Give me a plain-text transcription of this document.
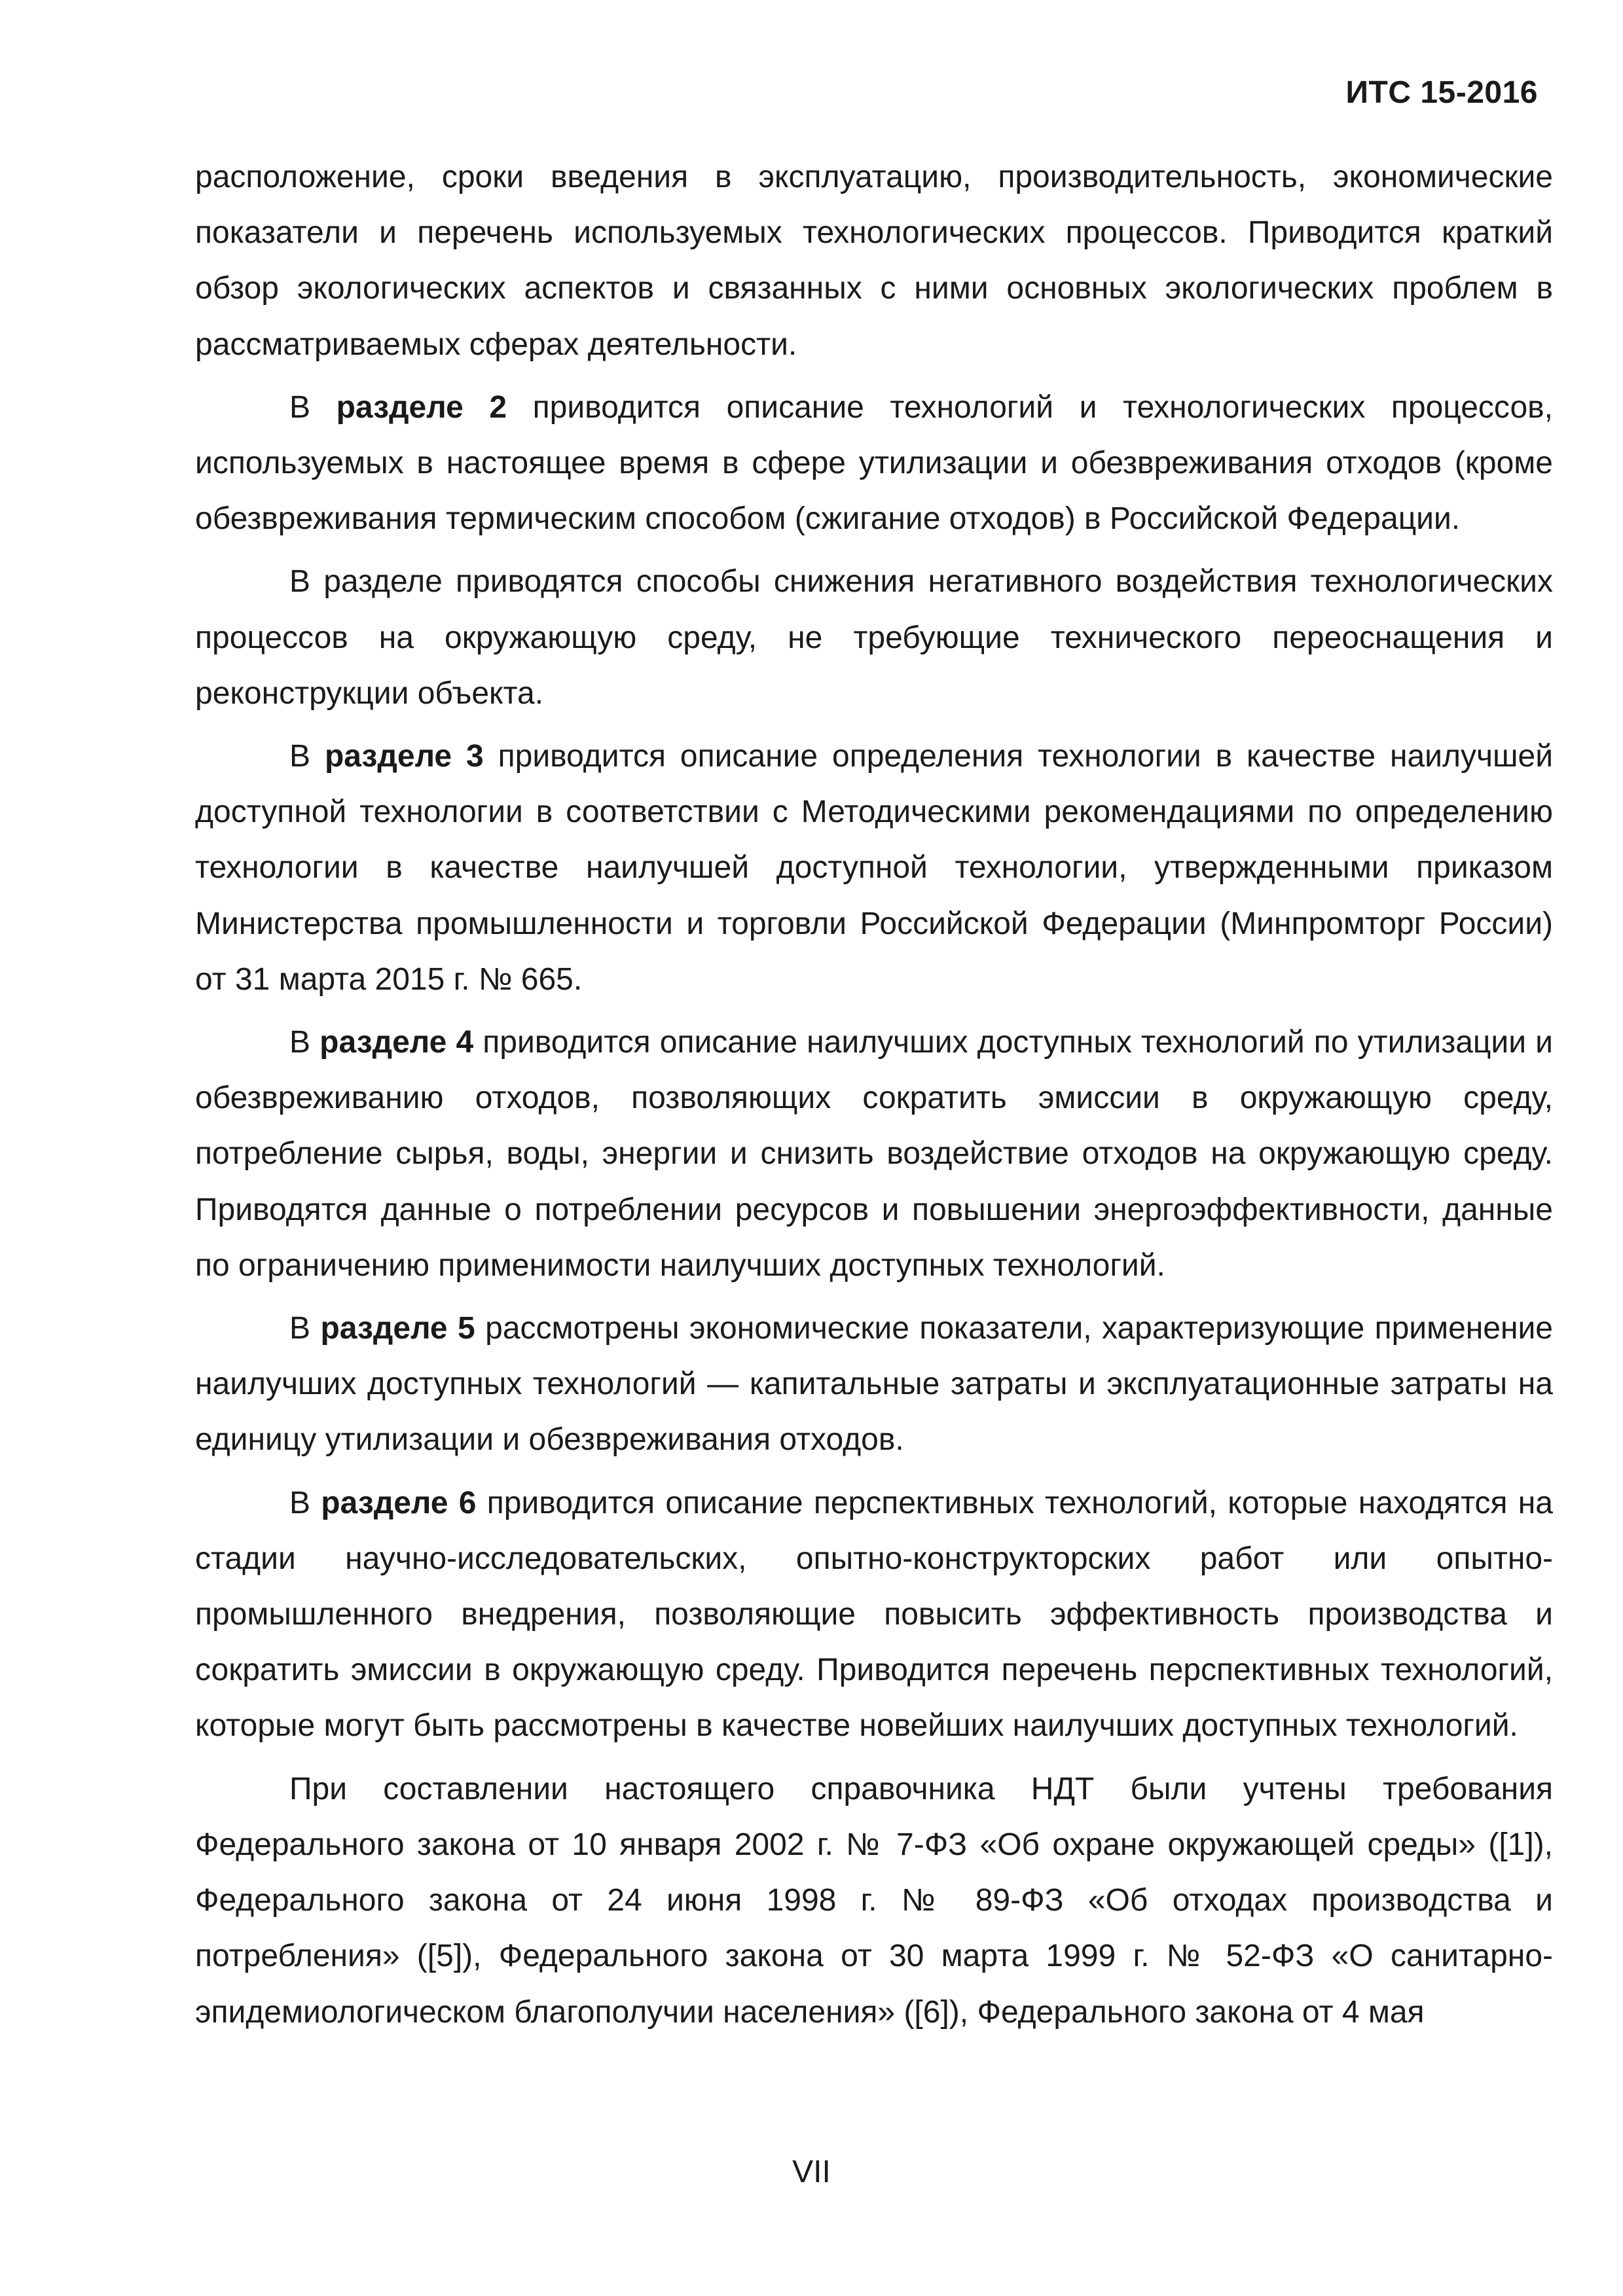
ИТС 15-2016

расположение, сроки введения в эксплуатацию, производительность, экономические показатели и перечень используемых технологических процессов. Приводится краткий обзор экологических аспектов и связанных с ними основных экологических проблем в рассматриваемых сферах деятельности.

В разделе 2 приводится описание технологий и технологических процессов, используемых в настоящее время в сфере утилизации и обезвреживания отходов (кроме обезвреживания термическим способом (сжигание отходов) в Российской Федерации.

В разделе приводятся способы снижения негативного воздействия технологических процессов на окружающую среду, не требующие технического переоснащения и реконструкции объекта.

В разделе 3 приводится описание определения технологии в качестве наилучшей доступной технологии в соответствии с Методическими рекомендациями по определению технологии в качестве наилучшей доступной технологии, утвержденными приказом Министерства промышленности и торговли Российской Федерации (Минпромторг России) от 31 марта 2015 г. № 665.

В разделе 4 приводится описание наилучших доступных технологий по утилизации и обезвреживанию отходов, позволяющих сократить эмиссии в окружающую среду, потребление сырья, воды, энергии и снизить воздействие отходов на окружающую среду. Приводятся данные о потреблении ресурсов и повышении энергоэффективности, данные по ограничению применимости наилучших доступных технологий.

В разделе 5 рассмотрены экономические показатели, характеризующие применение наилучших доступных технологий — капитальные затраты и эксплуатационные затраты на единицу утилизации и обезвреживания отходов.

В разделе 6 приводится описание перспективных технологий, которые находятся на стадии научно-исследовательских, опытно-конструкторских работ или опытно-промышленного внедрения, позволяющие повысить эффективность производства и сократить эмиссии в окружающую среду. Приводится перечень перспективных технологий, которые могут быть рассмотрены в качестве новейших наилучших доступных технологий.

При составлении настоящего справочника НДТ были учтены требования Федерального закона от 10 января 2002 г. № 7-ФЗ «Об охране окружающей среды» ([1]), Федерального закона от 24 июня 1998 г. № 89-ФЗ «Об отходах производства и потребления» ([5]), Федерального закона от 30 марта 1999 г. № 52-ФЗ «О санитарно-эпидемиологическом благополучии населения» ([6]), Федерального закона от 4 мая

VII
